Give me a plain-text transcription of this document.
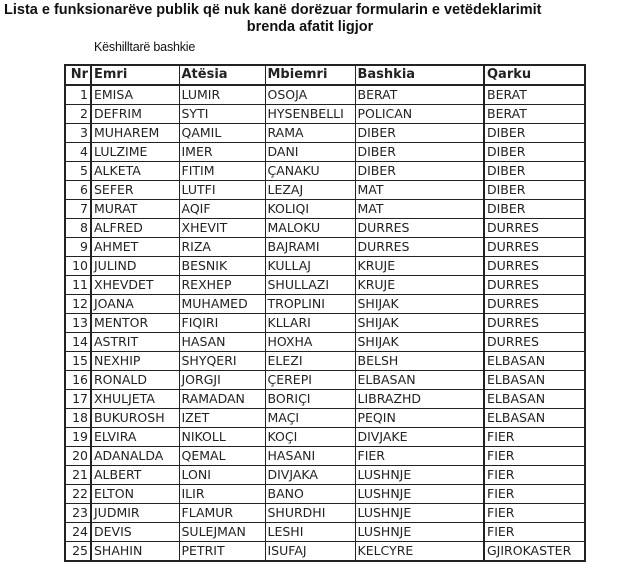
Lista e funksionarëve publik që nuk kanë dorëzuar formularin e vetëdeklarimit
brenda afatit ligjor
Këshilltarë bashkie
Nr	Emri	Atësia	Mbiemri	Bashkia	Qarku
1	EMISA	LUMIR	OSOJA	BERAT	BERAT
2	DEFRIM	SYTI	HYSENBELLI	POLICAN	BERAT
3	MUHAREM	QAMIL	RAMA	DIBER	DIBER
4	LULZIME	IMER	DANI	DIBER	DIBER
5	ALKETA	FITIM	ÇANAKU	DIBER	DIBER
6	SEFER	LUTFI	LEZAJ	MAT	DIBER
7	MURAT	AQIF	KOLIQI	MAT	DIBER
8	ALFRED	XHEVIT	MALOKU	DURRES	DURRES
9	AHMET	RIZA	BAJRAMI	DURRES	DURRES
10	JULIND	BESNIK	KULLAJ	KRUJE	DURRES
11	XHEVDET	REXHEP	SHULLAZI	KRUJE	DURRES
12	JOANA	MUHAMED	TROPLINI	SHIJAK	DURRES
13	MENTOR	FIQIRI	KLLARI	SHIJAK	DURRES
14	ASTRIT	HASAN	HOXHA	SHIJAK	DURRES
15	NEXHIP	SHYQERI	ELEZI	BELSH	ELBASAN
16	RONALD	JORGJI	ÇEREPI	ELBASAN	ELBASAN
17	XHULJETA	RAMADAN	BORIÇI	LIBRAZHD	ELBASAN
18	BUKUROSH	IZET	MAÇI	PEQIN	ELBASAN
19	ELVIRA	NIKOLL	KOÇI	DIVJAKE	FIER
20	ADANALDA	QEMAL	HASANI	FIER	FIER
21	ALBERT	LONI	DIVJAKA	LUSHNJE	FIER
22	ELTON	ILIR	BANO	LUSHNJE	FIER
23	JUDMIR	FLAMUR	SHURDHI	LUSHNJE	FIER
24	DEVIS	SULEJMAN	LESHI	LUSHNJE	FIER
25	SHAHIN	PETRIT	ISUFAJ	KELCYRE	GJIROKASTER
